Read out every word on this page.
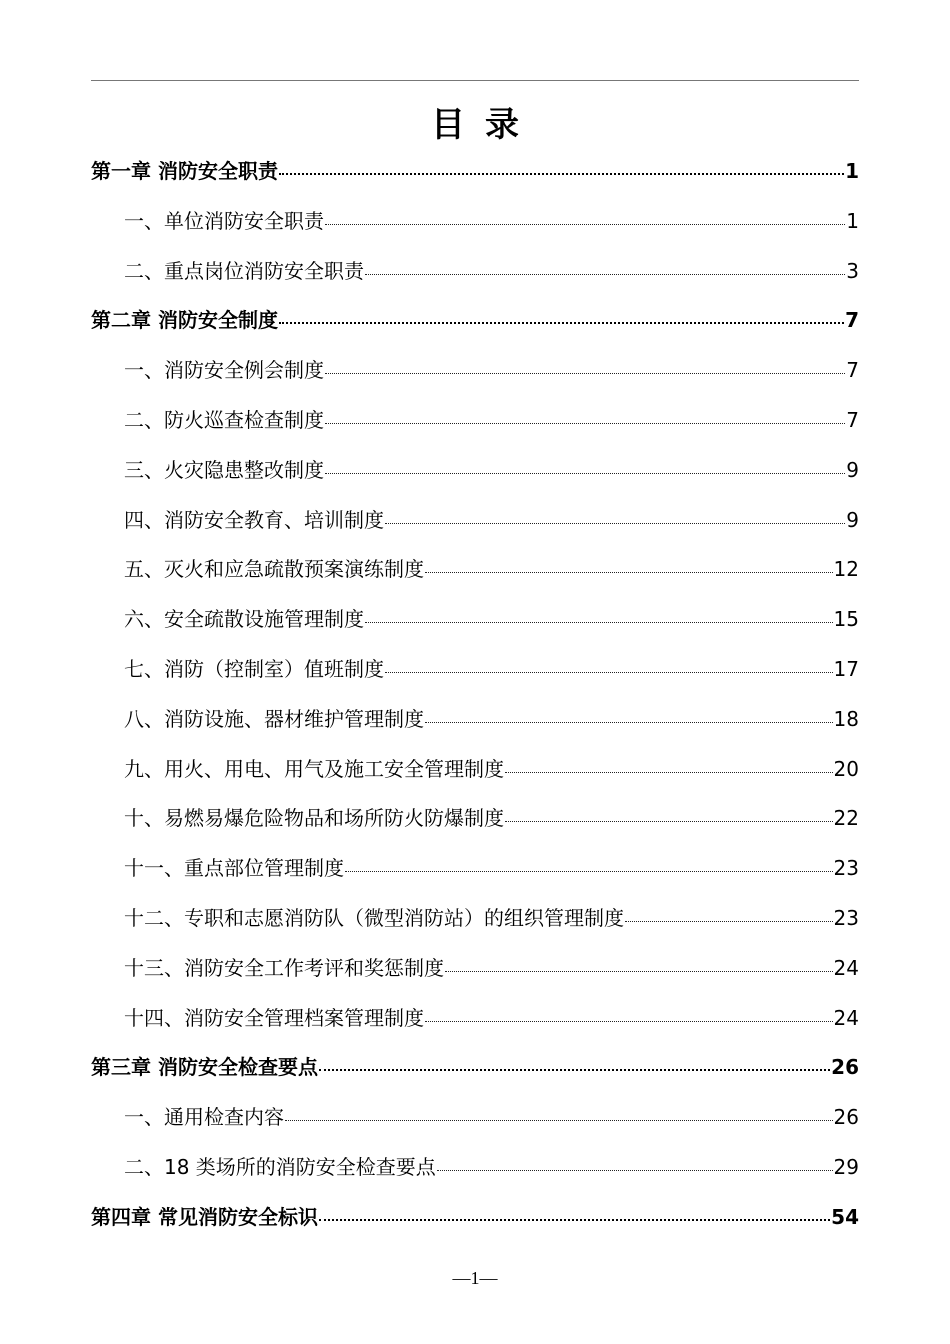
目录
第一章 消防安全职责	1
一、单位消防安全职责	1
二、重点岗位消防安全职责	3
第二章 消防安全制度	7
一、消防安全例会制度	7
二、防火巡查检查制度	7
三、火灾隐患整改制度	9
四、消防安全教育、培训制度	9
五、灭火和应急疏散预案演练制度	12
六、安全疏散设施管理制度	15
七、消防（控制室）值班制度	17
八、消防设施、器材维护管理制度	18
九、用火、用电、用气及施工安全管理制度	20
十、易燃易爆危险物品和场所防火防爆制度	22
十一、重点部位管理制度	23
十二、专职和志愿消防队（微型消防站）的组织管理制度	23
十三、消防安全工作考评和奖惩制度	24
十四、消防安全管理档案管理制度	24
第三章 消防安全检查要点	26
一、通用检查内容	26
二、18 类场所的消防安全检查要点	29
第四章 常见消防安全标识	54
—1—
